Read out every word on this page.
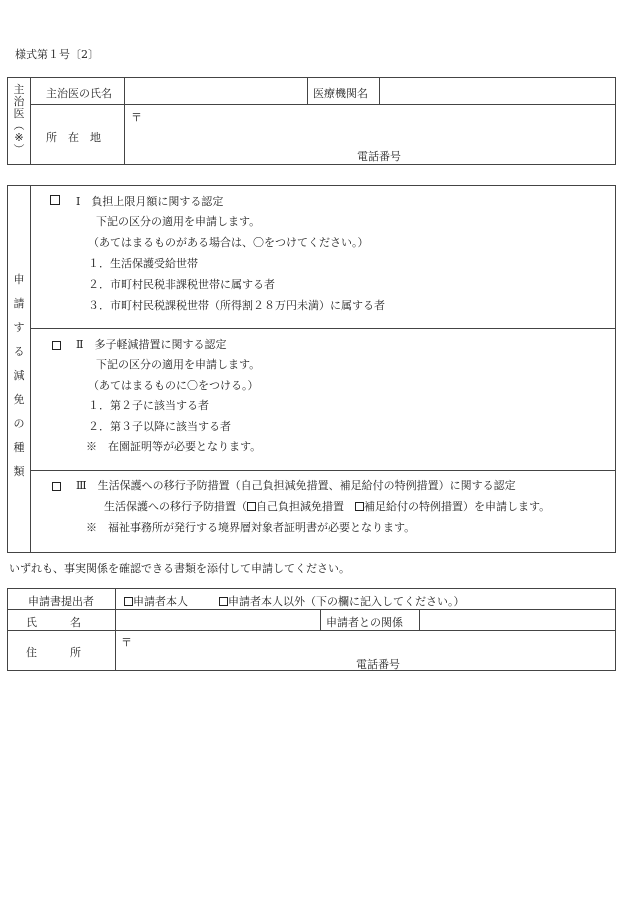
様式第１号〔2〕
主
治
医
︵
※
︶
主治医の氏名	医療機関名
所　在　地
〒
電話番号
申
請
す
る
減
免
の
種
類
Ⅰ　負担上限月額に関する認定
下記の区分の適用を申請します。
（あてはまるものがある場合は、〇をつけてください。）
１．生活保護受給世帯
２．市町村民税非課税世帯に属する者
３．市町村民税課税世帯（所得割２８万円未満）に属する者
Ⅱ　多子軽減措置に関する認定
下記の区分の適用を申請します。
（あてはまるものに〇をつける。）
１．第２子に該当する者
２．第３子以降に該当する者
※　在園証明等が必要となります。
Ⅲ　生活保護への移行予防措置（自己負担減免措置、補足給付の特例措置）に関する認定
生活保護への移行予防措置（ 自己負担減免措置　 補足給付の特例措置）を申請します。
※　福祉事務所が発行する境界層対象者証明書が必要となります。
いずれも、事実関係を確認できる書類を添付して申請してください。
申請書提出者	申請者本人	申請者本人以外（下の欄に記入してください。）
氏　　　名	申請者との関係
住　　　所
〒
電話番号
